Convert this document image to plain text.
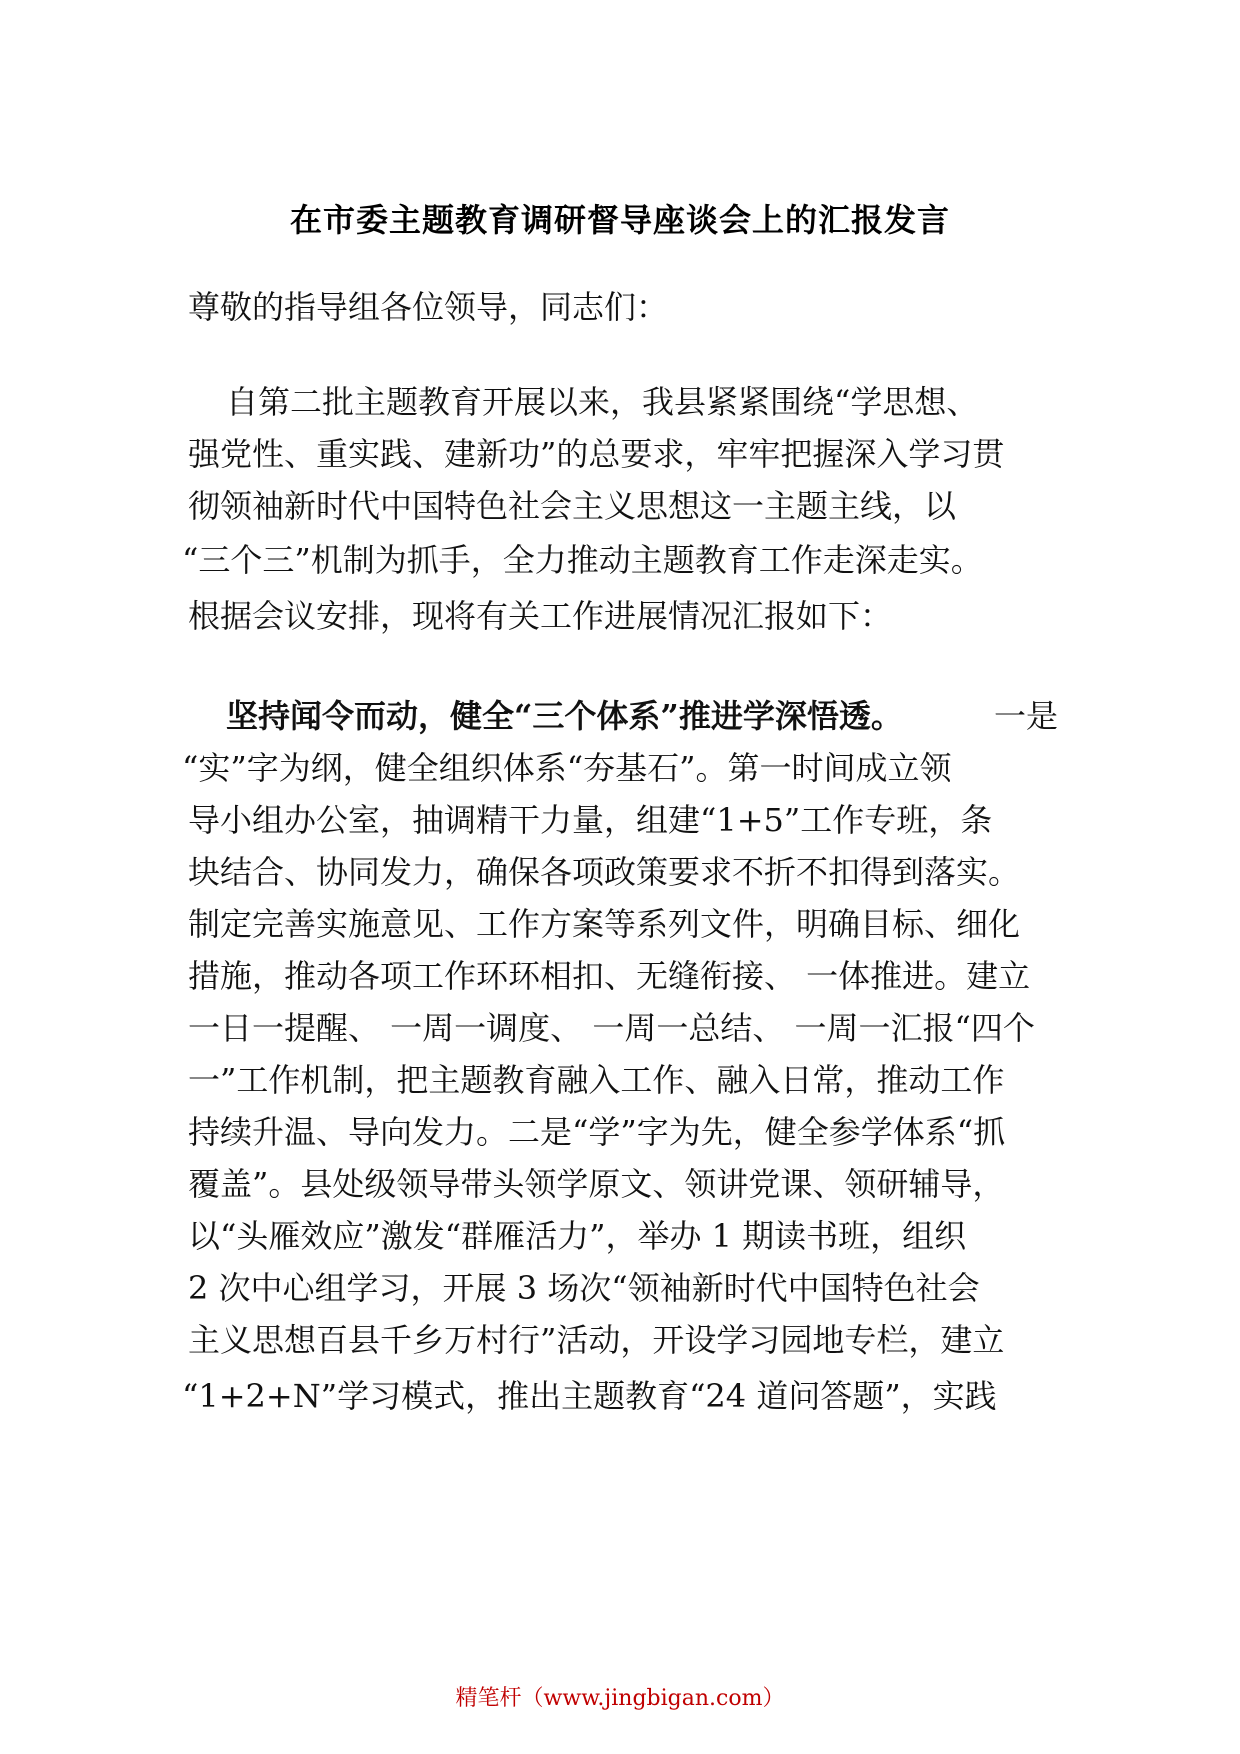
在市委主题教育调研督导座谈会上的汇报发言
尊敬的指导组各位领导，同志们：
自第二批主题教育开展以来，我县紧紧围绕“学思想、
强党性、重实践、建新功”的总要求，牢牢把握深入学习贯
彻领袖新时代中国特色社会主义思想这一主题主线，以
“三个三”机制为抓手，全力推动主题教育工作走深走实。
根据会议安排，现将有关工作进展情况汇报如下：
坚持闻令而动，健全“三个体系”推进学深悟透。	一是
“实”字为纲，健全组织体系“夯基石”。第一时间成立领
导小组办公室，抽调精干力量，组建“1+5”工作专班，条
块结合、协同发力，确保各项政策要求不折不扣得到落实。
制定完善实施意见、工作方案等系列文件，明确目标、细化
措施，推动各项工作环环相扣、无缝衔接、 一体推进。建立
一日一提醒、 一周一调度、 一周一总结、 一周一汇报“四个
一”工作机制，把主题教育融入工作、融入日常，推动工作
持续升温、导向发力。二是“学”字为先，健全参学体系“抓
覆盖”。县处级领导带头领学原文、领讲党课、领研辅导，
以“头雁效应”激发“群雁活力”，举办 1 期读书班，组织
2 次中心组学习，开展 3 场次“领袖新时代中国特色社会
主义思想百县千乡万村行”活动，开设学习园地专栏，建立
“1+2+N”学习模式，推出主题教育“24 道问答题”，实践
精笔杆（www.jingbigan.com）
